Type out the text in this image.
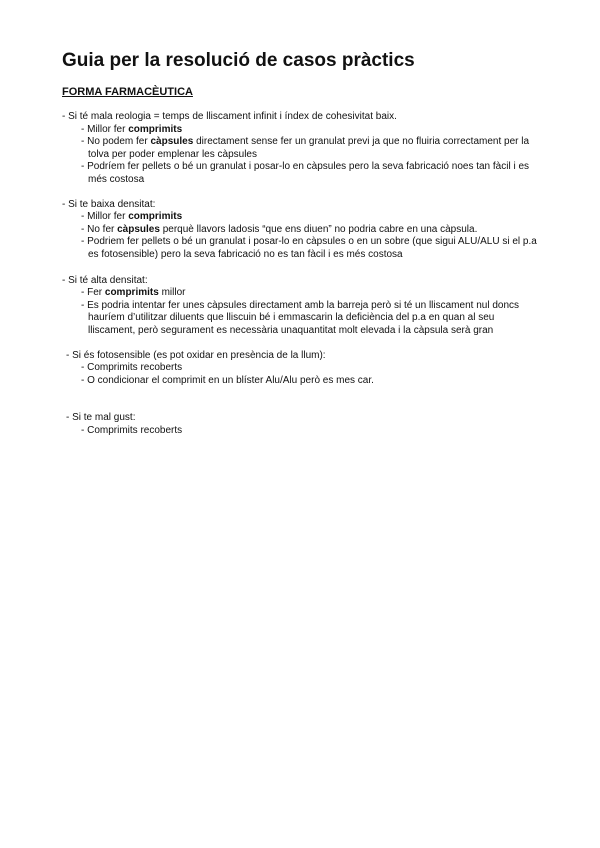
Guia per la resolució de casos pràctics
FORMA FARMACÈUTICA
- Si té mala reologia = temps de lliscament infinit i índex de cohesivitat baix.
- Millor fer comprimits
- No podem fer càpsules directament sense fer un granulat previ ja que no fluiria correctament per la tolva per poder emplenar les càpsules
- Podríem fer pellets o bé un granulat i posar-lo en càpsules pero la seva fabricació noes tan fàcil i es més costosa
- Si te baixa densitat:
- Millor fer comprimits
- No fer càpsules perquè llavors ladosis “que ens diuen” no podria cabre en una càpsula.
- Podriem fer pellets o bé un granulat i posar-lo en càpsules o en un sobre (que sigui ALU/ALU si el p.a es fotosensible) pero la seva fabricació no es tan fàcil i es més costosa
- Si té alta densitat:
- Fer comprimits millor
- Es podria intentar fer unes càpsules directament amb la barreja però si té un lliscament nul doncs hauríem d’utilitzar diluents que lliscuin bé i emmascarin la deficiència del p.a en quan al seu lliscament, però segurament es necessària unaquantitat molt elevada i la càpsula serà gran
- Si és fotosensible (es pot oxidar en presència de la llum):
- Comprimits recoberts
- O condicionar el comprimit en un blíster Alu/Alu però es mes car.
- Si te mal gust:
- Comprimits recoberts
